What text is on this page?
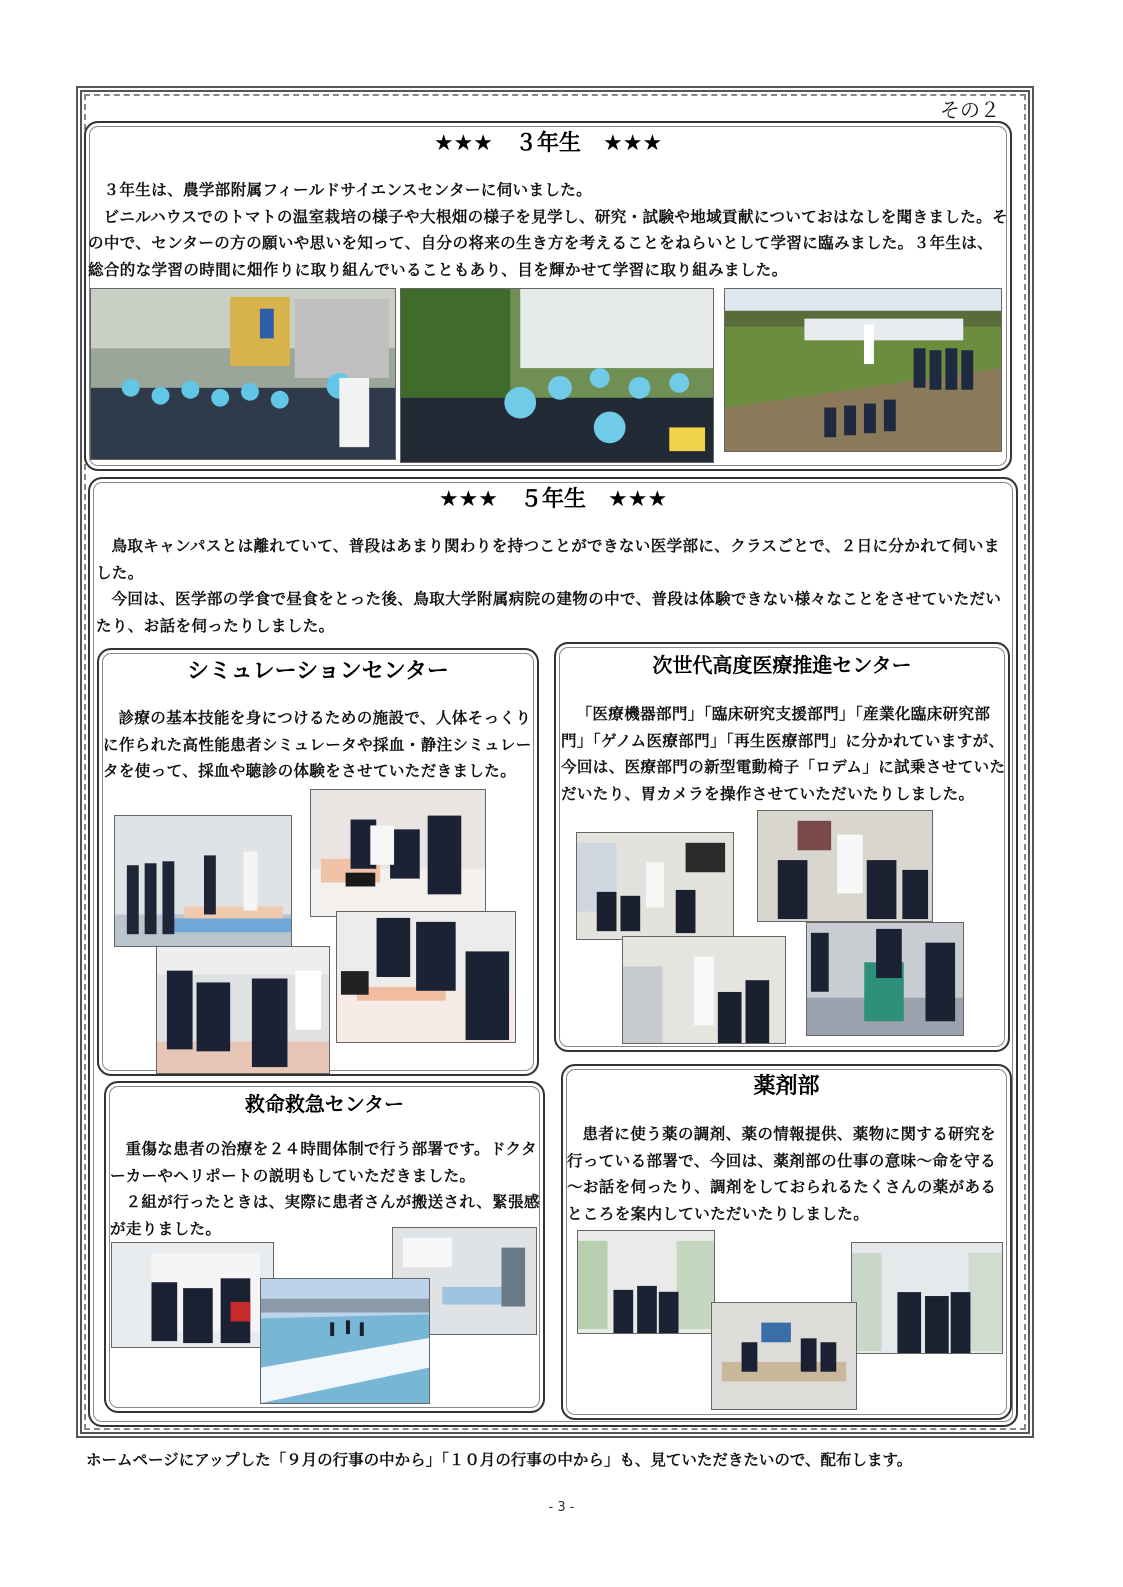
その２
★★★　３年生　★★★

３年生は、農学部附属フィールドサイエンスセンターに伺いました。

ビニルハウスでのトマトの温室栽培の様子や大根畑の様子を見学し、研究・試験や地域貢献についておはなしを聞きました。その中で、センターの方の願いや思いを知って、自分の将来の生き方を考えることをねらいとして学習に臨みました。３年生は、総合的な学習の時間に畑作りに取り組んでいることもあり、目を輝かせて学習に取り組みました。

★★★　５年生　★★★

鳥取キャンパスとは離れていて、普段はあまり関わりを持つことができない医学部に、クラスごとで、２日に分かれて伺いました。

今回は、医学部の学食で昼食をとった後、鳥取大学附属病院の建物の中で、普段は体験できない様々なことをさせていただいたり、お話を伺ったりしました。

シミュレーションセンター

診療の基本技能を身につけるための施設で、人体そっくりに作られた高性能患者シミュレータや採血・静注シミュレータを使って、採血や聴診の体験をさせていただきました。

次世代高度医療推進センター

「医療機器部門」「臨床研究支援部門」「産業化臨床研究部門」「ゲノム医療部門」「再生医療部門」に分かれていますが、今回は、医療部門の新型電動椅子「ロデム」に試乗させていただいたり、胃カメラを操作させていただいたりしました。

救命救急センター

重傷な患者の治療を２４時間体制で行う部署です。ドクターカーやヘリポートの説明もしていただきました。

２組が行ったときは、実際に患者さんが搬送され、緊張感が走りました。

薬剤部

患者に使う薬の調剤、薬の情報提供、薬物に関する研究を行っている部署で、今回は、薬剤部の仕事の意味～命を守る～お話を伺ったり、調剤をしておられるたくさんの薬があるところを案内していただいたりしました。

ホームページにアップした「９月の行事の中から」「１０月の行事の中から」も、見ていただきたいので、配布します。
- 3 -
